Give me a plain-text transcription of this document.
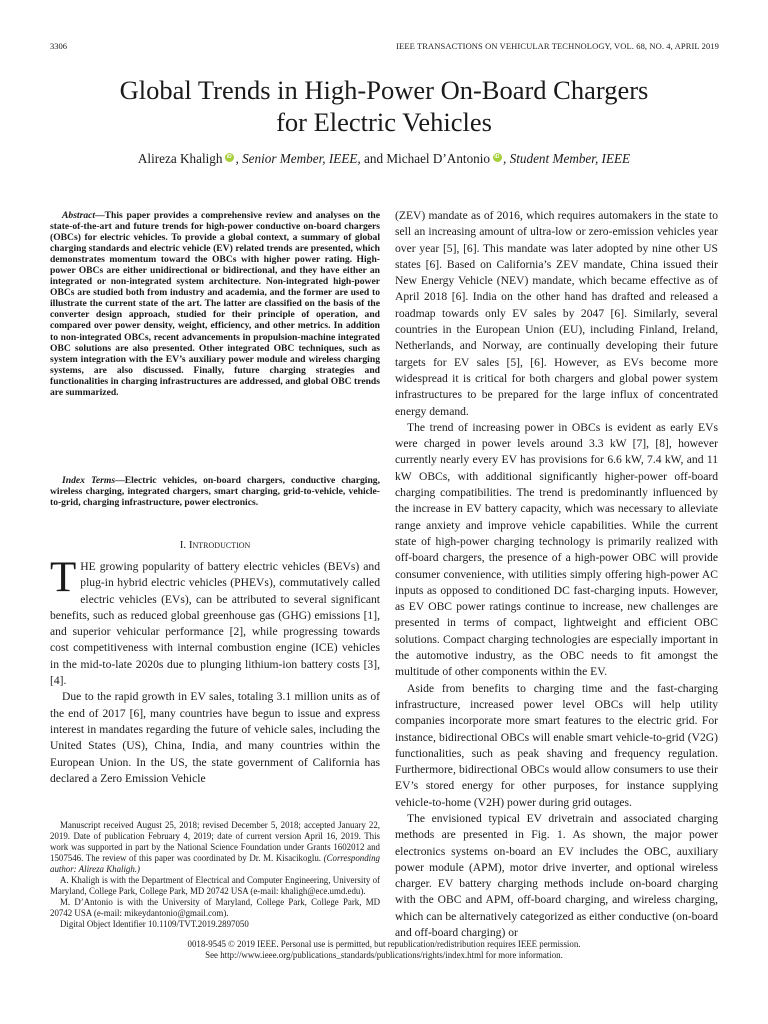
3306	IEEE TRANSACTIONS ON VEHICULAR TECHNOLOGY, VOL. 68, NO. 4, APRIL 2019
Global Trends in High-Power On-Board Chargers
for Electric Vehicles
Alireza Khaligh iD , Senior Member, IEEE, and Michael D’Antonio iD , Student Member, IEEE

Abstract—This paper provides a comprehensive review and analyses on the state-of-the-art and future trends for high-power conductive on-board chargers (OBCs) for electric vehicles. To provide a global context, a summary of global charging standards and electric vehicle (EV) related trends are presented, which demonstrates momentum toward the OBCs with higher power rating. High-power OBCs are either unidirectional or bidirectional, and they have either an integrated or non-integrated system architecture. Non-integrated high-power OBCs are studied both from industry and academia, and the former are used to illustrate the current state of the art. The latter are classified on the basis of the converter design approach, studied for their principle of operation, and compared over power density, weight, efficiency, and other metrics. In addition to non-integrated OBCs, recent advancements in propulsion-machine integrated OBC solutions are also presented. Other integrated OBC techniques, such as system integration with the EV’s auxiliary power module and wireless charging systems, are also discussed. Finally, future charging strategies and functionalities in charging infrastructures are addressed, and global OBC trends are summarized.

Index Terms—Electric vehicles, on-board chargers, conductive charging, wireless charging, integrated chargers, smart charging, grid-to-vehicle, vehicle-to-grid, charging infrastructure, power electronics.

I. Introduction

THE growing popularity of battery electric vehicles (BEVs) and plug-in hybrid electric vehicles (PHEVs), commutatively called electric vehicles (EVs), can be attributed to several significant benefits, such as reduced global greenhouse gas (GHG) emissions [1], and superior vehicular performance [2], while progressing towards cost competitiveness with internal combustion engine (ICE) vehicles in the mid-to-late 2020s due to plunging lithium-ion battery costs [3], [4].

Due to the rapid growth in EV sales, totaling 3.1 million units as of the end of 2017 [6], many countries have begun to issue and express interest in mandates regarding the future of vehicle sales, including the United States (US), China, India, and many countries within the European Union. In the US, the state government of California has declared a Zero Emission Vehicle

Manuscript received August 25, 2018; revised December 5, 2018; accepted January 22, 2019. Date of publication February 4, 2019; date of current version April 16, 2019. This work was supported in part by the National Science Foundation under Grants 1602012 and 1507546. The review of this paper was coordinated by Dr. M. Kisacikoglu. (Corresponding author: Alireza Khaligh.)

A. Khaligh is with the Department of Electrical and Computer Engineering, University of Maryland, College Park, College Park, MD 20742 USA (e-mail: khaligh@ece.umd.edu).

M. D’Antonio is with the University of Maryland, College Park, College Park, MD 20742 USA (e-mail: mikeydantonio@gmail.com).

Digital Object Identifier 10.1109/TVT.2019.2897050

(ZEV) mandate as of 2016, which requires automakers in the state to sell an increasing amount of ultra-low or zero-emission vehicles year over year [5], [6]. This mandate was later adopted by nine other US states [6]. Based on California’s ZEV mandate, China issued their New Energy Vehicle (NEV) mandate, which became effective as of April 2018 [6]. India on the other hand has drafted and released a roadmap towards only EV sales by 2047 [6]. Similarly, several countries in the European Union (EU), including Finland, Ireland, Netherlands, and Norway, are continually developing their future targets for EV sales [5], [6]. However, as EVs become more widespread it is critical for both chargers and global power system infrastructures to be prepared for the large influx of concentrated energy demand.

The trend of increasing power in OBCs is evident as early EVs were charged in power levels around 3.3 kW [7], [8], however currently nearly every EV has provisions for 6.6 kW, 7.4 kW, and 11 kW OBCs, with additional significantly higher-power off-board charging compatibilities. The trend is predominantly influenced by the increase in EV battery capacity, which was necessary to alleviate range anxiety and improve vehicle capabilities. While the current state of high-power charging technology is primarily realized with off-board chargers, the presence of a high-power OBC will provide consumer convenience, with utilities simply offering high-power AC inputs as opposed to conditioned DC fast-charging inputs. However, as EV OBC power ratings continue to increase, new challenges are presented in terms of compact, lightweight and efficient OBC solutions. Compact charging technologies are especially important in the automotive industry, as the OBC needs to fit amongst the multitude of other components within the EV.

Aside from benefits to charging time and the fast-charging infrastructure, increased power level OBCs will help utility companies incorporate more smart features to the electric grid. For instance, bidirectional OBCs will enable smart vehicle-to-grid (V2G) functionalities, such as peak shaving and frequency regulation. Furthermore, bidirectional OBCs would allow consumers to use their EV’s stored energy for other purposes, for instance supplying vehicle-to-home (V2H) power during grid outages.

The envisioned typical EV drivetrain and associated charging methods are presented in Fig. 1. As shown, the major power electronics systems on-board an EV includes the OBC, auxiliary power module (APM), motor drive inverter, and optional wireless charger. EV battery charging methods include on-board charging with the OBC and APM, off-board charging, and wireless charging, which can be alternatively categorized as either conductive (on-board and off-board charging) or

0018-9545 © 2019 IEEE. Personal use is permitted, but republication/redistribution requires IEEE permission.
See http://www.ieee.org/publications_standards/publications/rights/index.html for more information.
